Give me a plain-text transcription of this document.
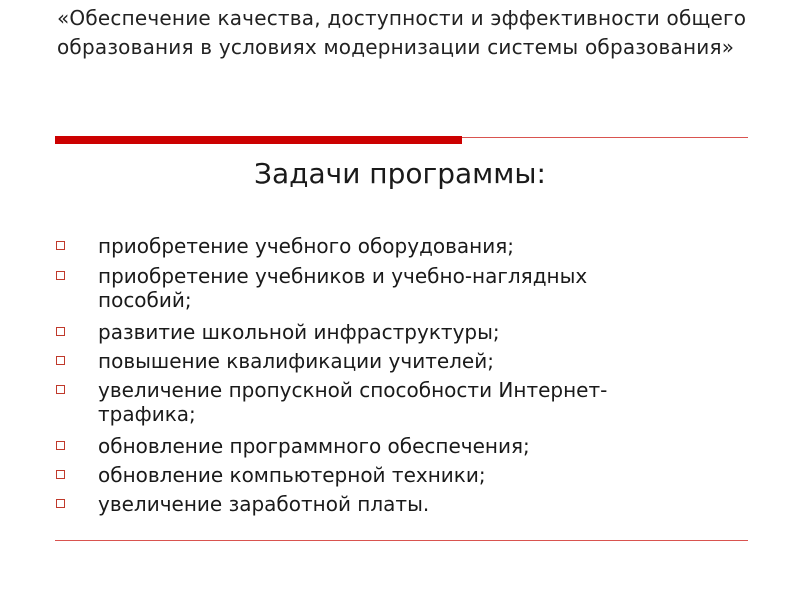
«Обеспечение качества, доступности и эффективности общего образования в условиях модернизации системы образования»
Задачи программы:
приобретение учебного оборудования;
приобретение учебников и учебно-наглядных
пособий;
развитие школьной инфраструктуры;
повышение квалификации учителей;
увеличение пропускной способности Интернет-
трафика;
обновление программного обеспечения;
обновление компьютерной техники;
увеличение заработной платы.
